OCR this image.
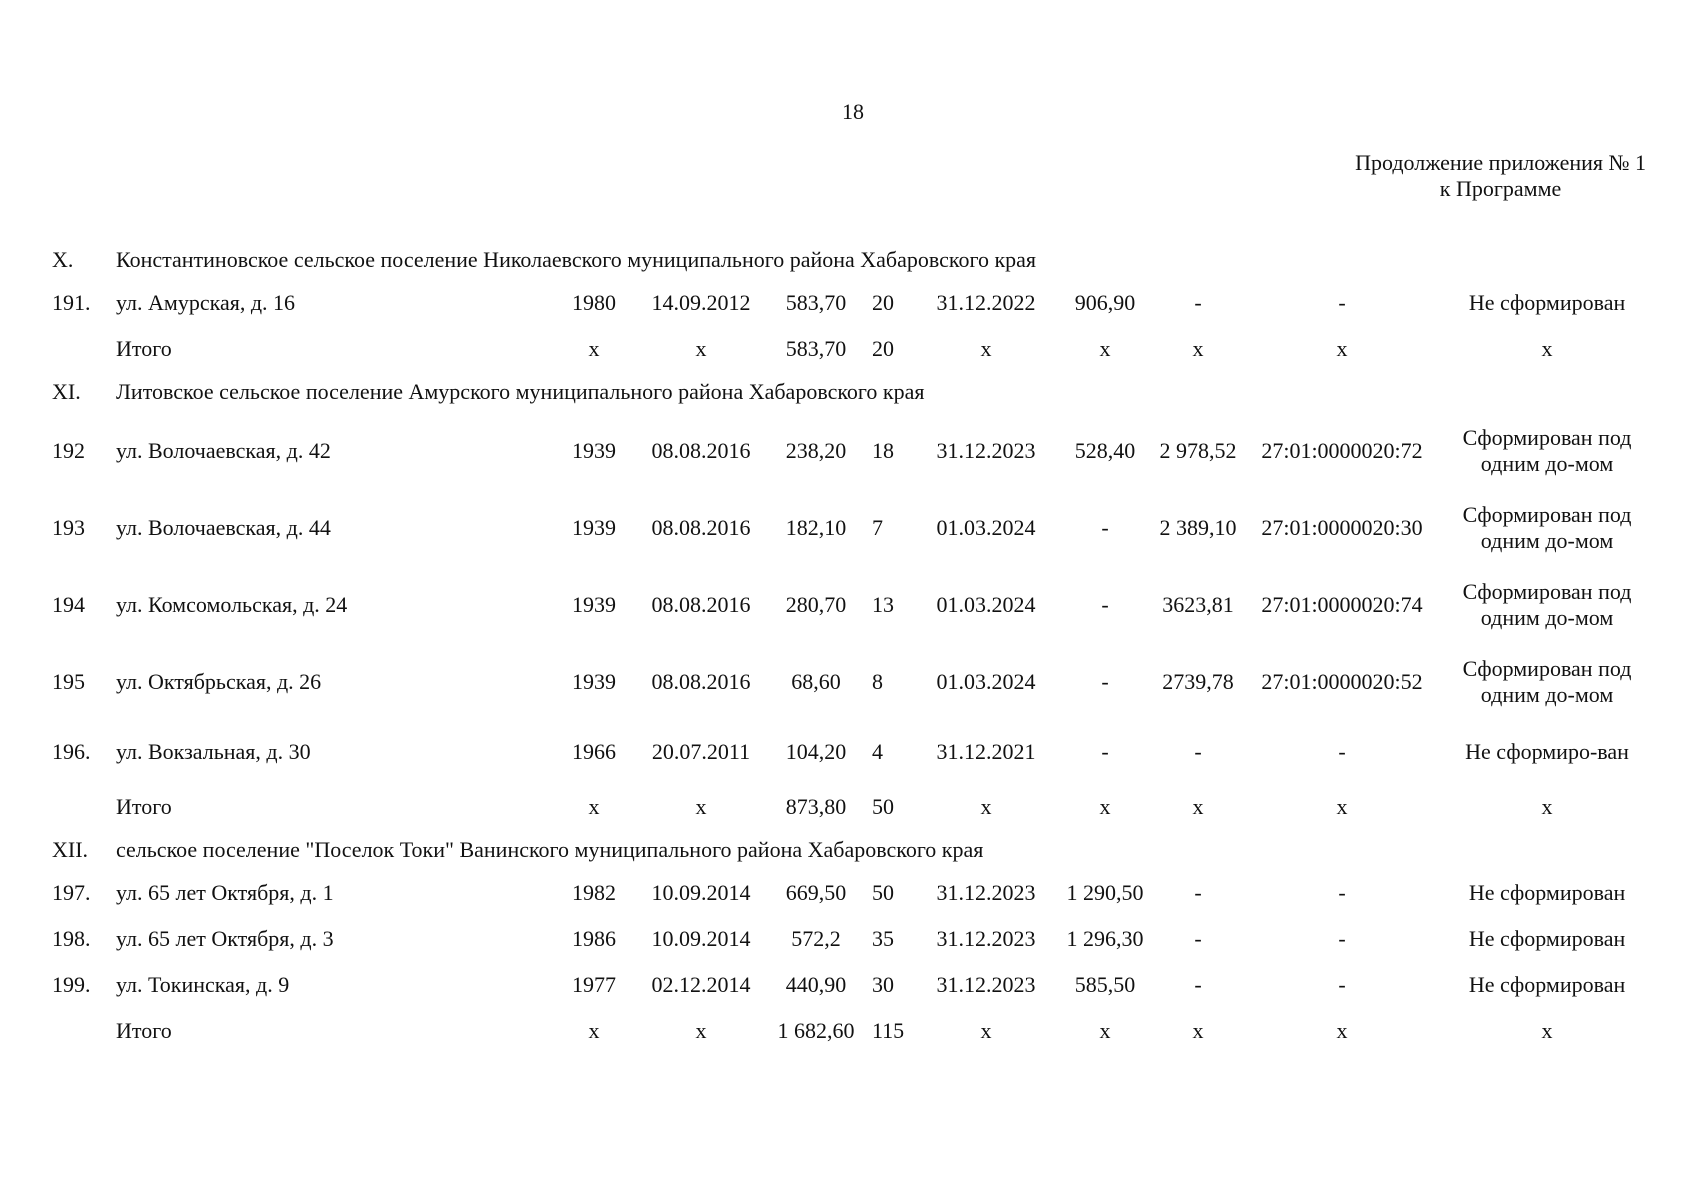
18
Продолжение приложения № 1
к Программе
X.	Константиновское сельское поселение Николаевского муниципального района Хабаровского края									
191.	ул. Амурская, д. 16	1980	14.09.2012	583,70	20	31.12.2022	906,90	-	-	Не сформирован
	Итого	х	х	583,70	20	х	х	х	х	х
XI.	Литовское сельское поселение Амурского муниципального района Хабаровского края									
192	ул. Волочаевская, д. 42	1939	08.08.2016	238,20	18	31.12.2023	528,40	2 978,52	27:01:0000020:72	Сформирован под одним до-мом
193	ул. Волочаевская, д. 44	1939	08.08.2016	182,10	7	01.03.2024	-	2 389,10	27:01:0000020:30	Сформирован под одним до-мом
194	ул. Комсомольская, д. 24	1939	08.08.2016	280,70	13	01.03.2024	-	3623,81	27:01:0000020:74	Сформирован под одним до-мом
195	ул. Октябрьская, д. 26	1939	08.08.2016	68,60	8	01.03.2024	-	2739,78	27:01:0000020:52	Сформирован под одним до-мом
196.	ул. Вокзальная, д. 30	1966	20.07.2011	104,20	4	31.12.2021	-	-	-	Не сформиро-ван
	Итого	х	х	873,80	50	х	х	х	х	х
XII.	сельское поселение "Поселок Токи" Ванинского муниципального района Хабаровского края									
197.	ул. 65 лет Октября, д. 1	1982	10.09.2014	669,50	50	31.12.2023	1 290,50	-	-	Не сформирован
198.	ул. 65 лет Октября, д. 3	1986	10.09.2014	572,2	35	31.12.2023	1 296,30	-	-	Не сформирован
199.	ул. Токинская, д. 9	1977	02.12.2014	440,90	30	31.12.2023	585,50	-	-	Не сформирован
	Итого	х	х	1 682,60	115	х	х	х	х	х
